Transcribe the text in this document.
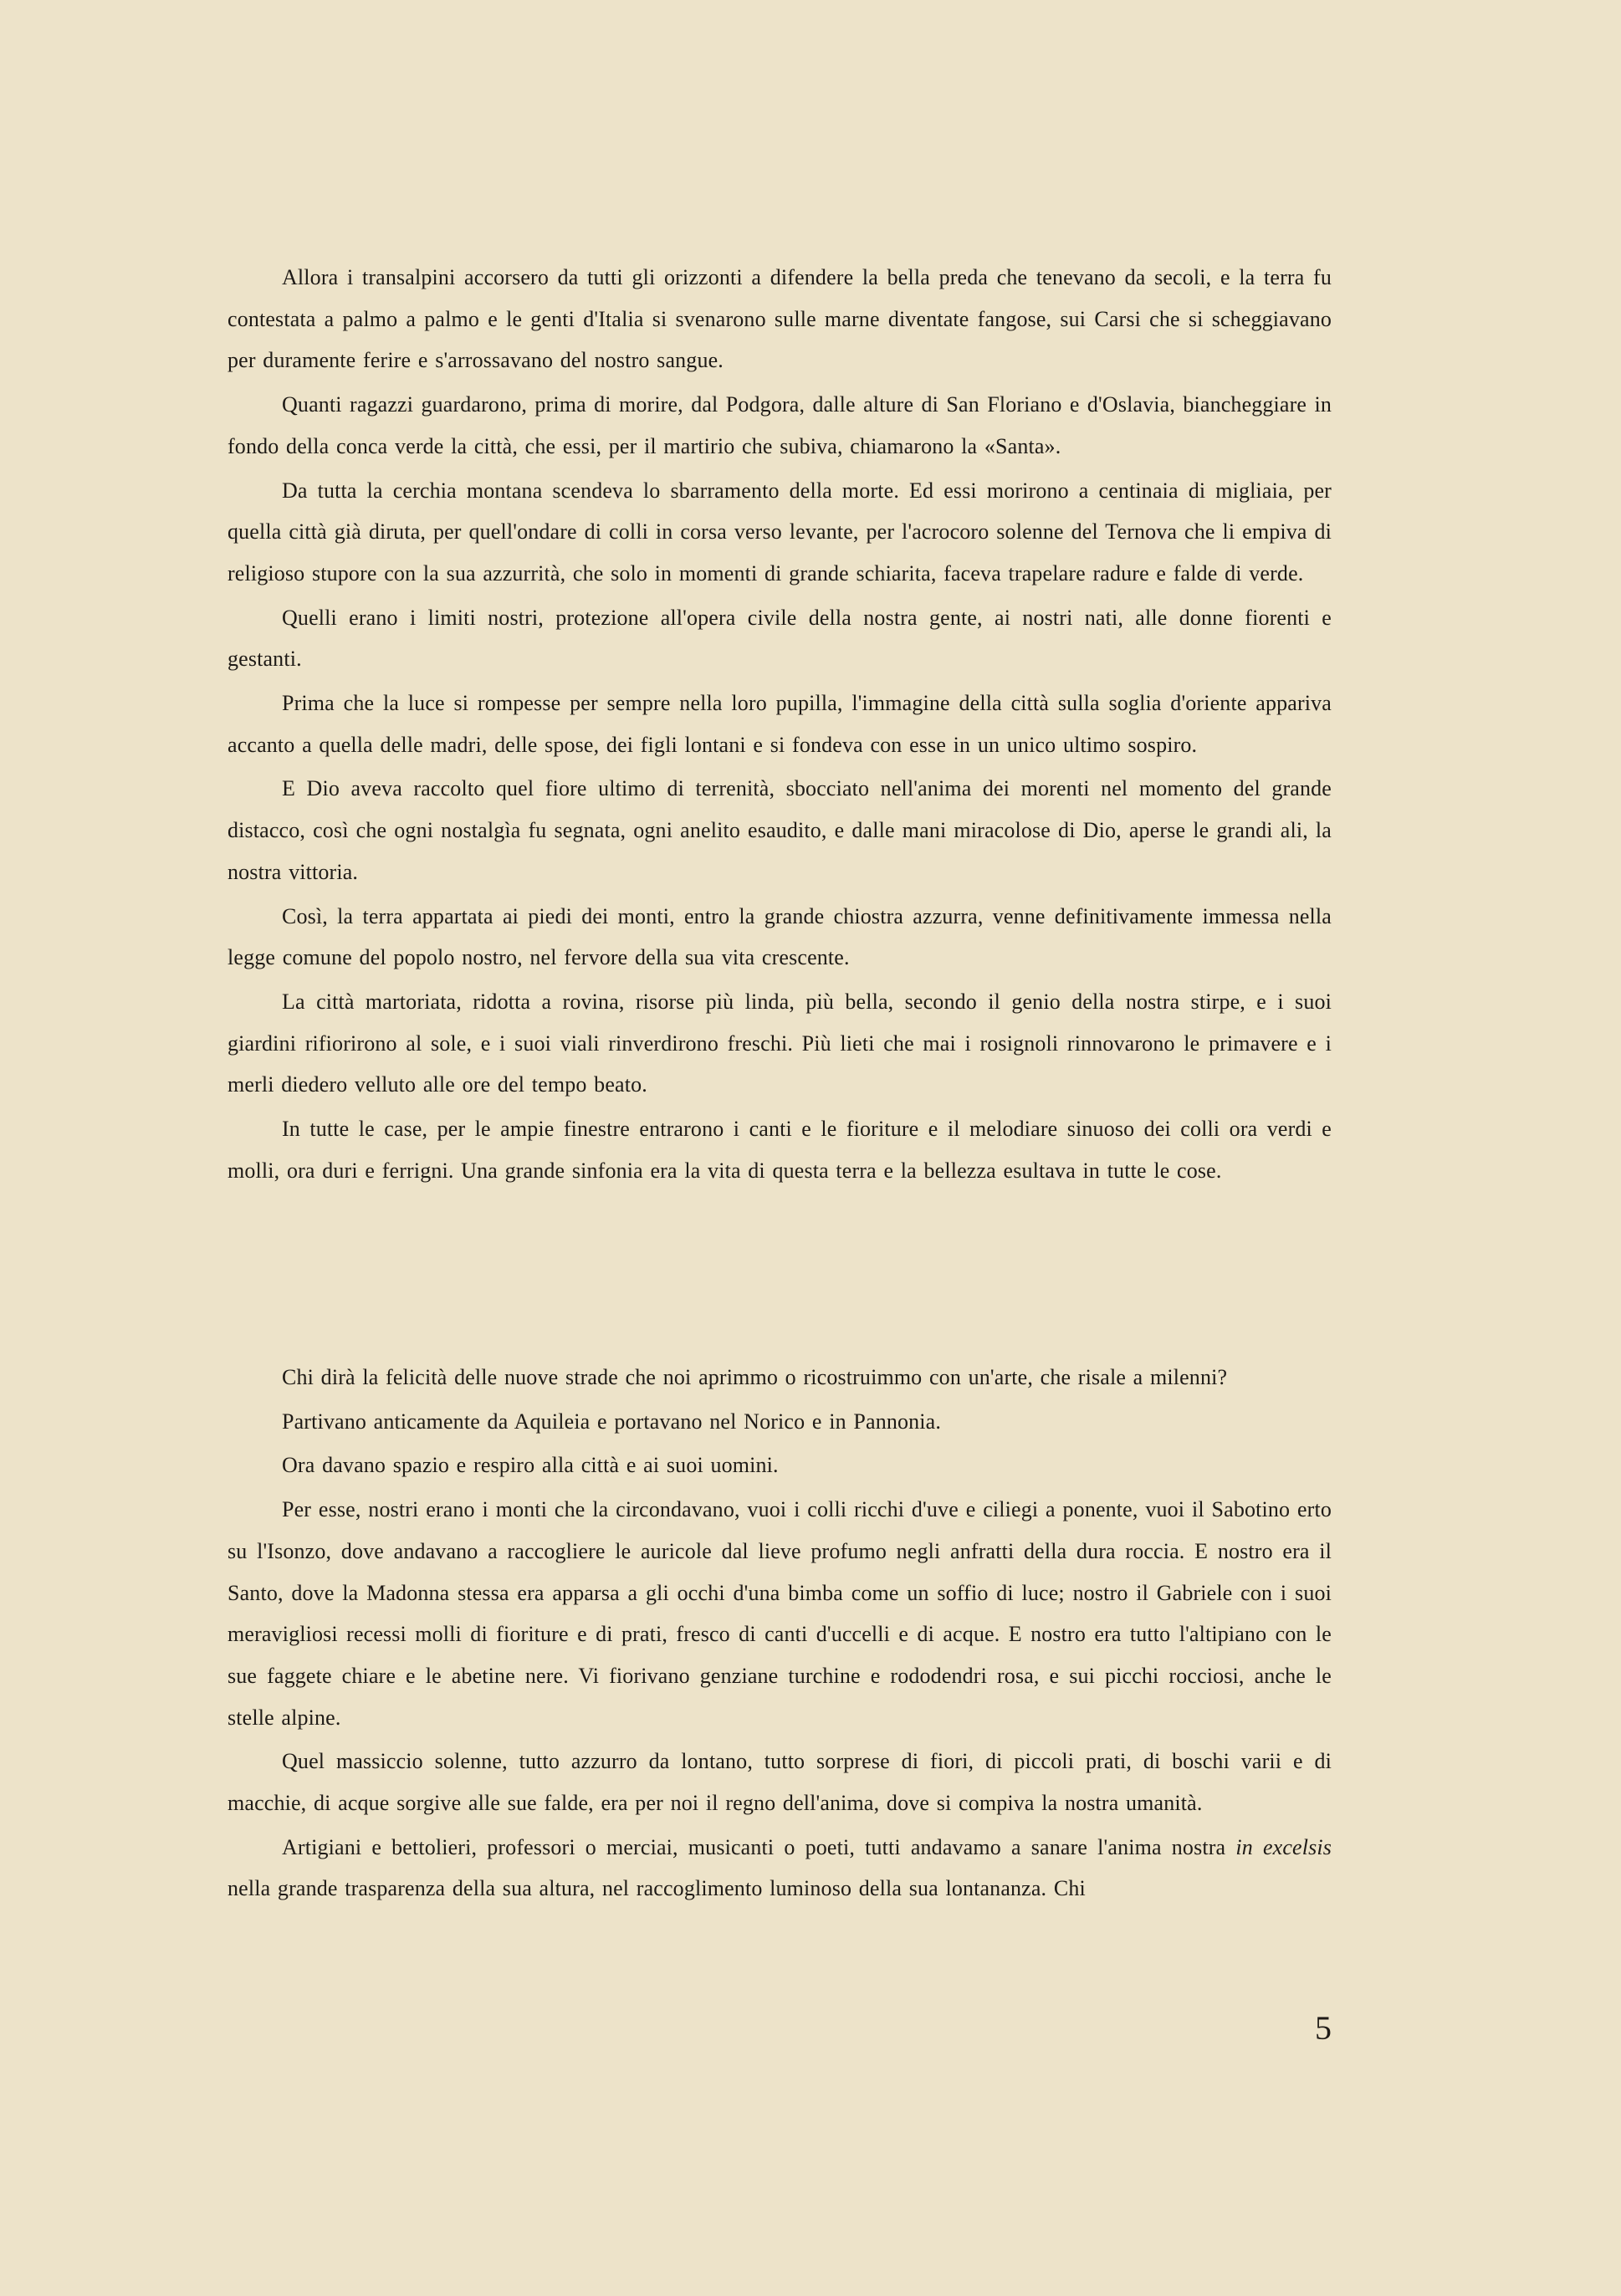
Allora i transalpini accorsero da tutti gli orizzonti a difendere la bella preda che tenevano da secoli, e la terra fu contestata a palmo a palmo e le genti d'Italia si svenarono sulle marne diventate fangose, sui Carsi che si scheggiavano per duramente ferire e s'arrossavano del nostro sangue.

Quanti ragazzi guardarono, prima di morire, dal Podgora, dalle alture di San Floriano e d'Oslavia, biancheggiare in fondo della conca verde la città, che essi, per il martirio che subiva, chiamarono la «Santa».

Da tutta la cerchia montana scendeva lo sbarramento della morte. Ed essi morirono a centinaia di migliaia, per quella città già diruta, per quell'ondare di colli in corsa verso levante, per l'acrocoro solenne del Ternova che li empiva di religioso stupore con la sua azzurrità, che solo in momenti di grande schiarita, faceva trapelare radure e falde di verde.

Quelli erano i limiti nostri, protezione all'opera civile della nostra gente, ai nostri nati, alle donne fiorenti e gestanti.

Prima che la luce si rompesse per sempre nella loro pupilla, l'immagine della città sulla soglia d'oriente appariva accanto a quella delle madri, delle spose, dei figli lontani e si fondeva con esse in un unico ultimo sospiro.

E Dio aveva raccolto quel fiore ultimo di terrenità, sbocciato nell'anima dei morenti nel momento del grande distacco, così che ogni nostalgìa fu segnata, ogni anelito esaudito, e dalle mani miracolose di Dio, aperse le grandi ali, la nostra vittoria.

Così, la terra appartata ai piedi dei monti, entro la grande chiostra azzurra, venne definitivamente immessa nella legge comune del popolo nostro, nel fervore della sua vita crescente.

La città martoriata, ridotta a rovina, risorse più linda, più bella, secondo il genio della nostra stirpe, e i suoi giardini rifiorirono al sole, e i suoi viali rinverdirono freschi. Più lieti che mai i rosignoli rinnovarono le primavere e i merli diedero velluto alle ore del tempo beato.

In tutte le case, per le ampie finestre entrarono i canti e le fioriture e il melodiare sinuoso dei colli ora verdi e molli, ora duri e ferrigni. Una grande sinfonia era la vita di questa terra e la bellezza esultava in tutte le cose.

Chi dirà la felicità delle nuove strade che noi aprimmo o ricostruimmo con un'arte, che risale a milenni?

Partivano anticamente da Aquileia e portavano nel Norico e in Pannonia.

Ora davano spazio e respiro alla città e ai suoi uomini.

Per esse, nostri erano i monti che la circondavano, vuoi i colli ricchi d'uve e ciliegi a ponente, vuoi il Sabotino erto su l'Isonzo, dove andavano a raccogliere le auricole dal lieve profumo negli anfratti della dura roccia. E nostro era il Santo, dove la Madonna stessa era apparsa a gli occhi d'una bimba come un soffio di luce; nostro il Gabriele con i suoi meravigliosi recessi molli di fioriture e di prati, fresco di canti d'uccelli e di acque. E nostro era tutto l'altipiano con le sue faggete chiare e le abetine nere. Vi fiorivano genziane turchine e rododendri rosa, e sui picchi rocciosi, anche le stelle alpine.

Quel massiccio solenne, tutto azzurro da lontano, tutto sorprese di fiori, di piccoli prati, di boschi varii e di macchie, di acque sorgive alle sue falde, era per noi il regno dell'anima, dove si compiva la nostra umanità.

Artigiani e bettolieri, professori o merciai, musicanti o poeti, tutti andavamo a sanare l'anima nostra in excelsis nella grande trasparenza della sua altura, nel raccoglimento luminoso della sua lontananza. Chi

5
